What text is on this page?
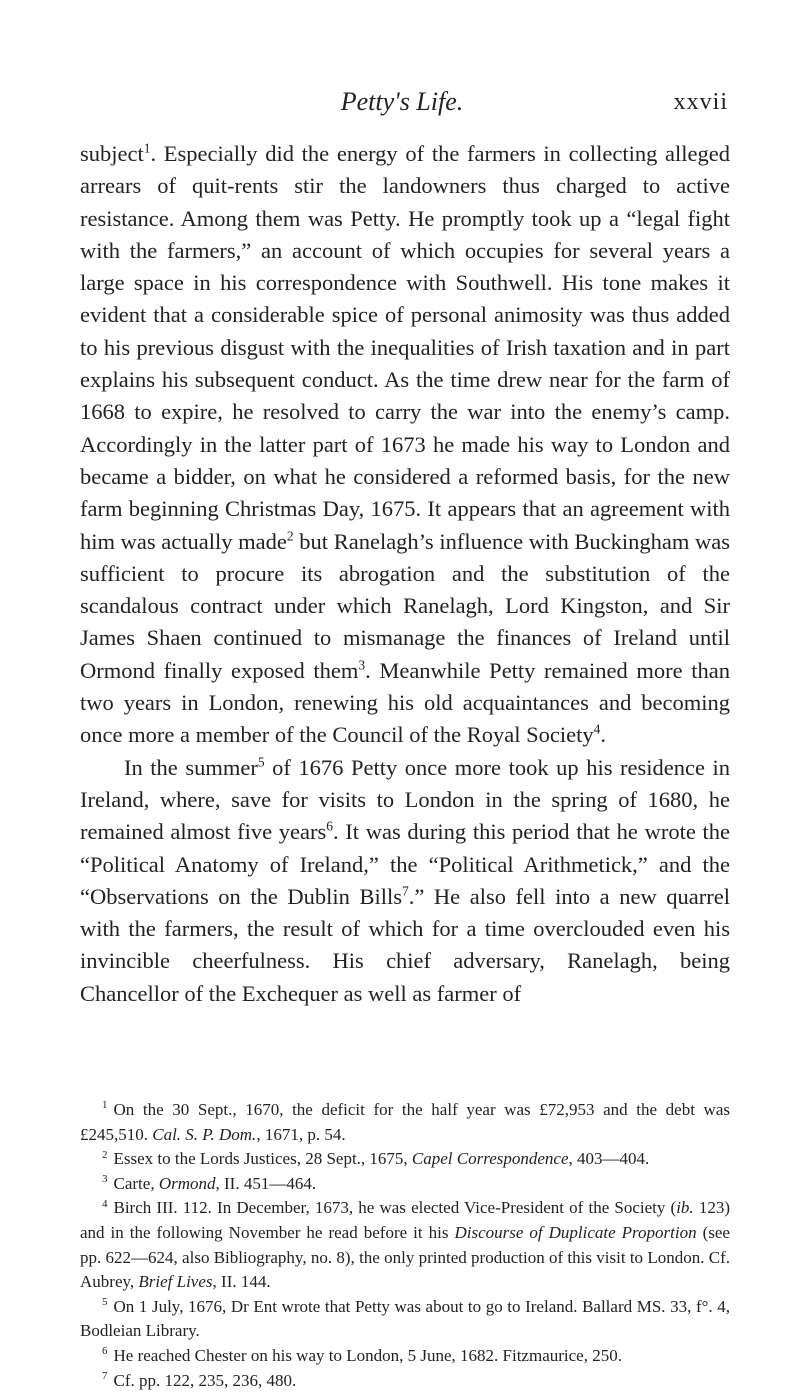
Petty's Life.	xxvii

subject$^1$. Especially did the energy of the farmers in collecting alleged arrears of quit-rents stir the landowners thus charged to active resistance. Among them was Petty. He promptly took up a “legal fight with the farmers,” an account of which occupies for several years a large space in his correspondence with Southwell. His tone makes it evident that a considerable spice of personal animosity was thus added to his previous disgust with the inequalities of Irish taxation and in part explains his subsequent conduct. As the time drew near for the farm of 1668 to expire, he resolved to carry the war into the enemy’s camp. Accordingly in the latter part of 1673 he made his way to London and became a bidder, on what he considered a reformed basis, for the new farm beginning Christmas Day, 1675. It appears that an agreement with him was actually made$^2$ but Ranelagh’s influence with Buckingham was sufficient to procure its abrogation and the substitution of the scandalous contract under which Ranelagh, Lord Kingston, and Sir James Shaen continued to mismanage the finances of Ireland until Ormond finally exposed them$^3$. Meanwhile Petty remained more than two years in London, renewing his old acquaintances and becoming once more a member of the Council of the Royal Society$^4$.

In the summer$^5$ of 1676 Petty once more took up his residence in Ireland, where, save for visits to London in the spring of 1680, he remained almost five years$^6$. It was during this period that he wrote the “Political Anatomy of Ireland,” the “Political Arithmetick,” and the “Observations on the Dublin Bills$^7$.” He also fell into a new quarrel with the farmers, the result of which for a time overclouded even his invincible cheerfulness. His chief adversary, Ranelagh, being Chancellor of the Exchequer as well as farmer of

$^1$ On the 30 Sept., 1670, the deficit for the half year was £72,953 and the debt was £245,510. Cal. S. P. Dom., 1671, p. 54.

$^2$ Essex to the Lords Justices, 28 Sept., 1675, Capel Correspondence, 403—404.

$^3$ Carte, Ormond, II. 451—464.

$^4$ Birch III. 112. In December, 1673, he was elected Vice-President of the Society (ib. 123) and in the following November he read before it his Discourse of Duplicate Proportion (see pp. 622—624, also Bibliography, no. 8), the only printed production of this visit to London. Cf. Aubrey, Brief Lives, II. 144.

$^5$ On 1 July, 1676, Dr Ent wrote that Petty was about to go to Ireland. Ballard MS. 33, f°. 4, Bodleian Library.

$^6$ He reached Chester on his way to London, 5 June, 1682. Fitzmaurice, 250.

$^7$ Cf. pp. 122, 235, 236, 480.
